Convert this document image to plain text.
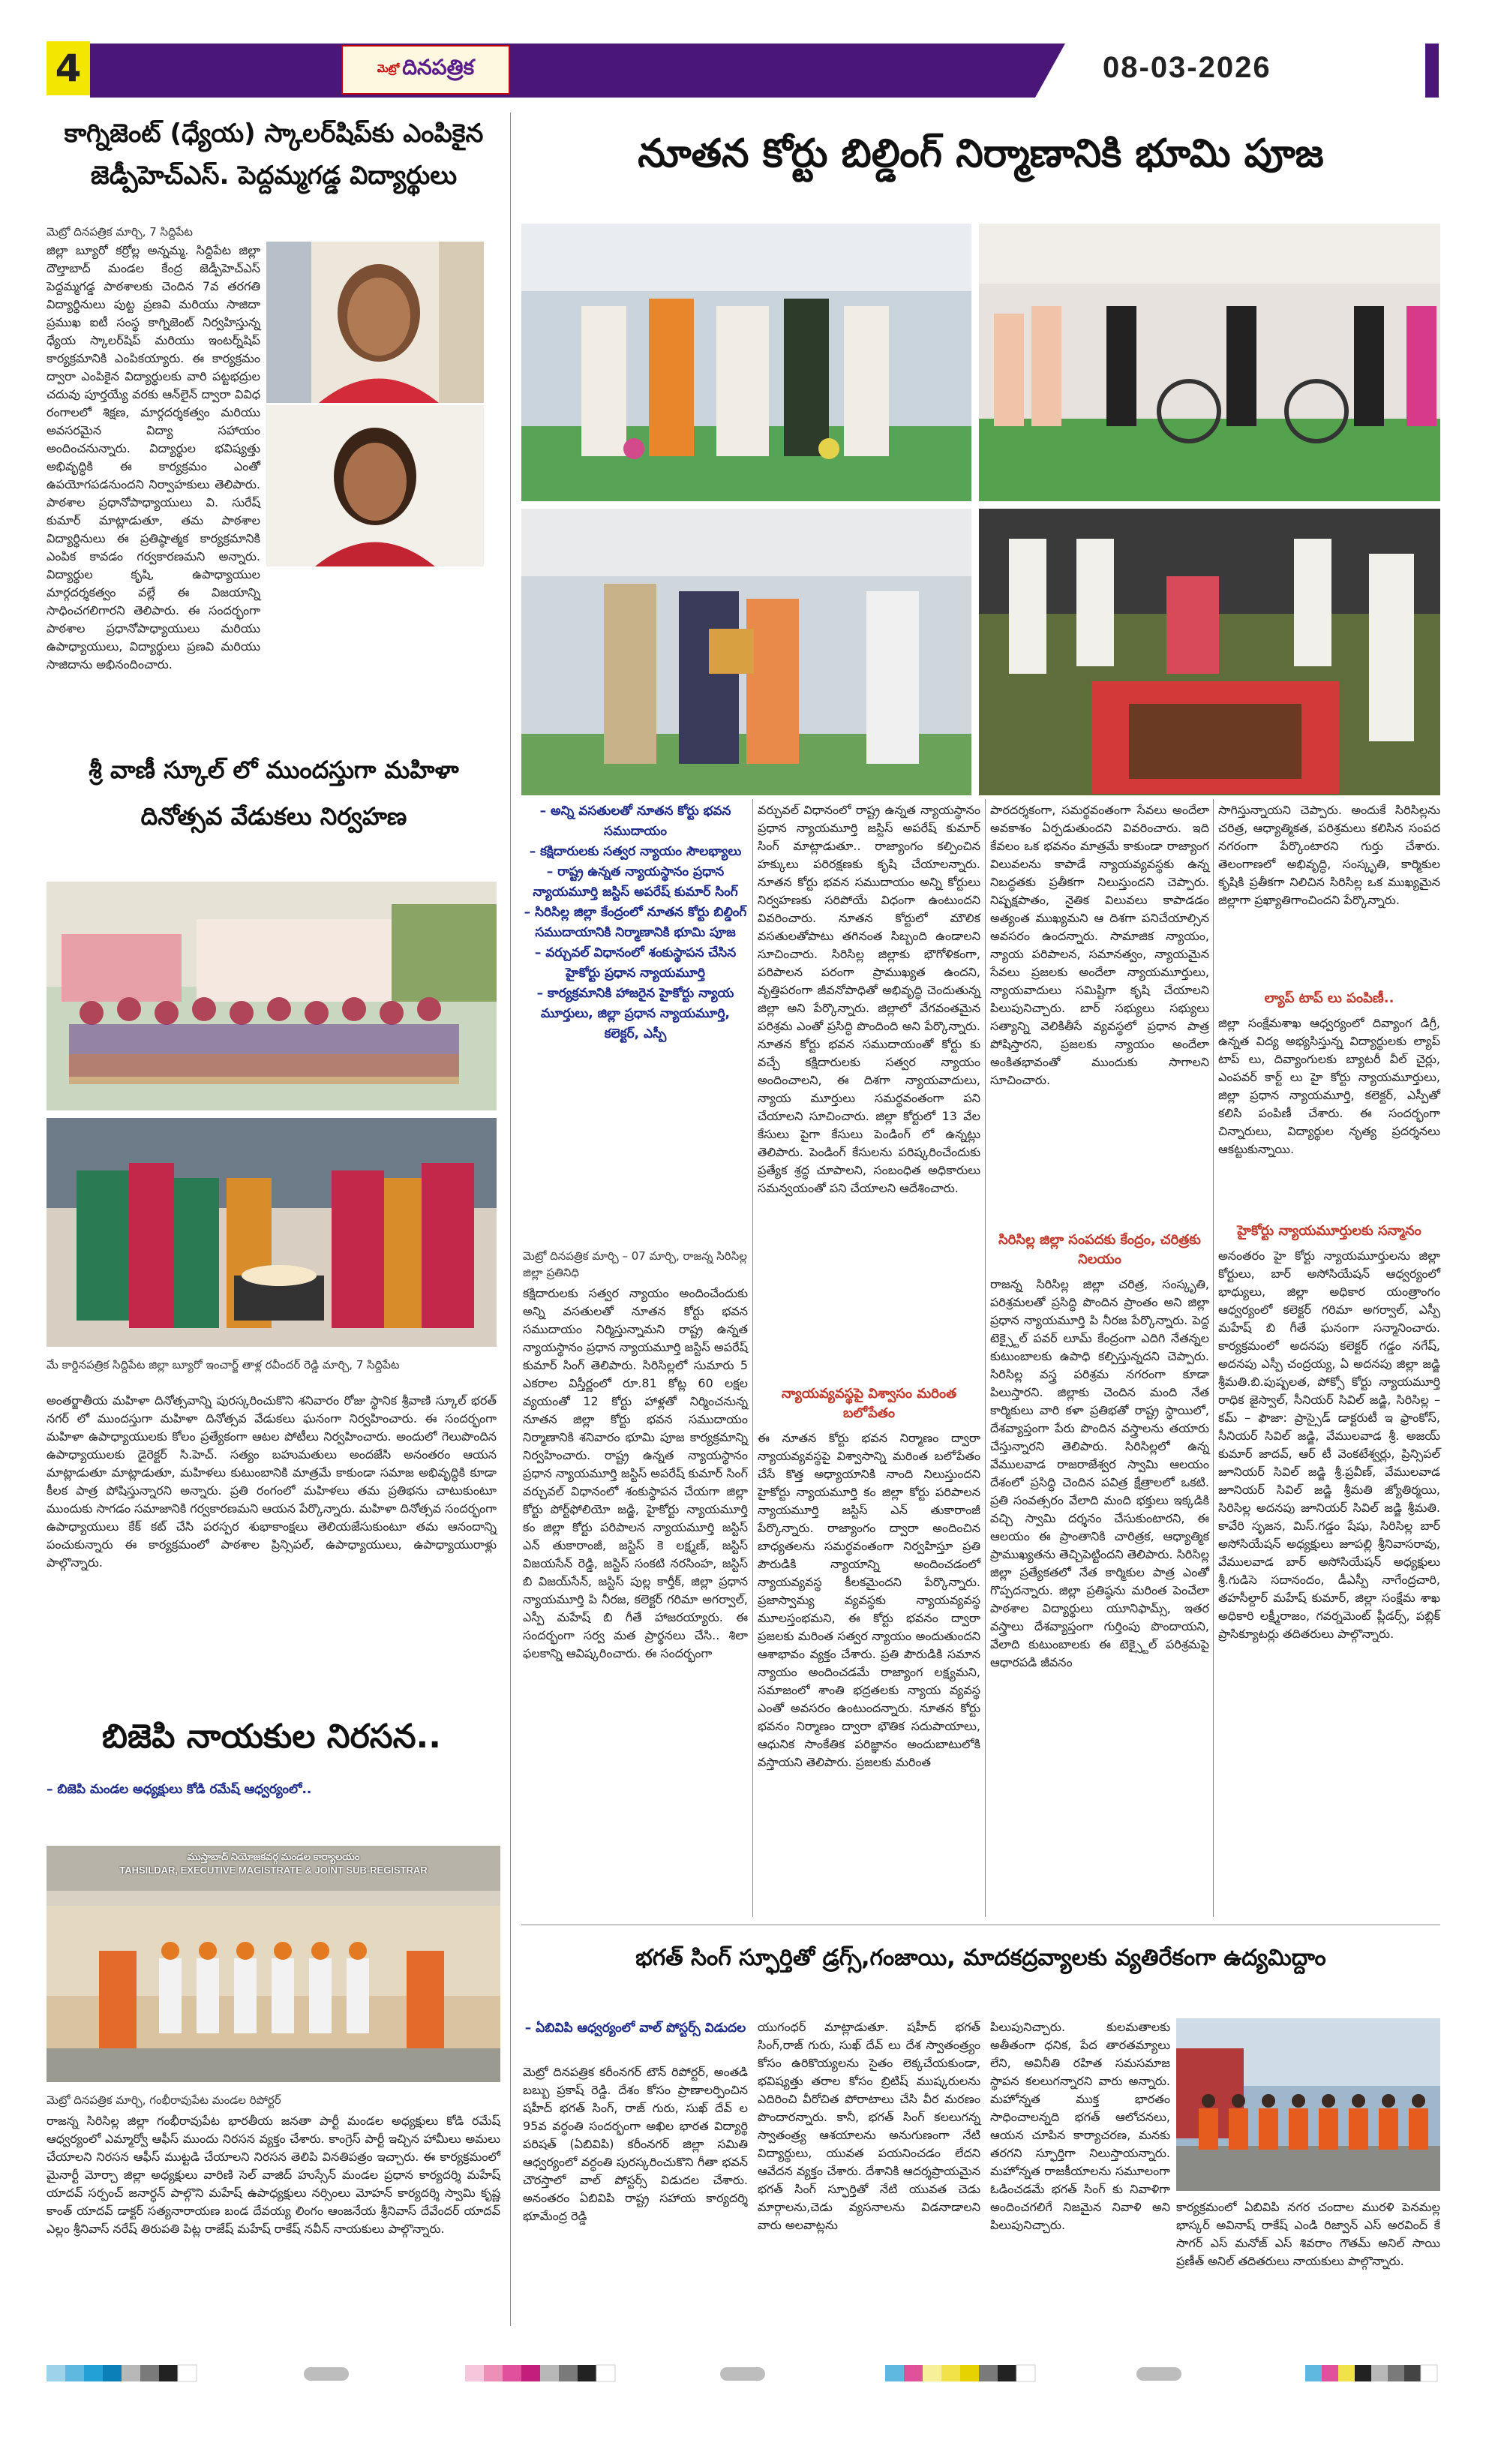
4	మెట్రో దినపత్రిక	08-03-2026
కాగ్నిజెంట్ (ధ్యేయ) స్కాలర్‌షిప్‌కు ఎంపికైన జెడ్పీహెచ్ఎస్. పెద్దమ్మగడ్డ విద్యార్థులు
మెట్రో దినపత్రిక మార్చి, 7 సిద్దిపేట
జిల్లా బ్యూరో కర్రోల్ల అన్నమ్మ. సిద్దిపేట జిల్లా దౌల్తాబాద్ మండల కేంద్ర జెడ్పీహెచ్ఎస్ పెద్దమ్మగడ్డ పాఠశాలకు చెందిన 7వ తరగతి విద్యార్థినులు పుట్ట ప్రణవి మరియు సాజిదా ప్రముఖ ఐటీ సంస్థ కాగ్నిజెంట్ నిర్వహిస్తున్న ధ్యేయ స్కాలర్‌షిప్ మరియు ఇంటర్న్‌షిప్ కార్యక్రమానికి ఎంపికయ్యారు. ఈ కార్యక్రమం ద్వారా ఎంపికైన విద్యార్థులకు వారి పట్టభద్రుల చదువు పూర్తయ్యే వరకు ఆన్‌లైన్ ద్వారా వివిధ రంగాలలో శిక్షణ, మార్గదర్శకత్వం మరియు అవసరమైన విద్యా సహాయం అందించనున్నారు. విద్యార్థుల భవిష్యత్తు అభివృద్ధికి ఈ కార్యక్రమం ఎంతో ఉపయోగపడనుందని నిర్వాహకులు తెలిపారు. పాఠశాల ప్రధానోపాధ్యాయులు వి. సురేష్ కుమార్ మాట్లాడుతూ, తమ పాఠశాల విద్యార్థినులు ఈ ప్రతిష్ఠాత్మక కార్యక్రమానికి ఎంపిక కావడం గర్వకారణమని అన్నారు. విద్యార్థుల కృషి, ఉపాధ్యాయుల మార్గదర్శకత్వం వల్లే ఈ విజయాన్ని సాధించగలిగారని తెలిపారు. ఈ సందర్భంగా పాఠశాల ప్రధానోపాధ్యాయులు మరియు ఉపాధ్యాయులు, విద్యార్థులు ప్రణవి మరియు సాజిదాను అభినందించారు.
శ్రీ వాణీ స్కూల్ లో ముందస్తుగా మహిళా దినోత్సవ వేడుకలు నిర్వహణ
మే కార్డినపత్రిక సిద్దిపేట జిల్లా బ్యూరో ఇంచార్జ్ తాళ్ల రవీందర్ రెడ్డి మార్చి, 7 సిద్దిపేట
అంతర్జాతీయ మహిళా దినోత్సవాన్ని పురస్కరించుకొని శనివారం రోజు స్థానిక శ్రీవాణి స్కూల్ భరత్ నగర్ లో ముందస్తుగా మహిళా దినోత్సవ వేడుకలు ఘనంగా నిర్వహించారు. ఈ సందర్భంగా మహిళా ఉపాధ్యాయులకు కోలం ప్రత్యేకంగా ఆటల పోటీలు నిర్వహించారు. అందులో గెలుపొందిన ఉపాధ్యాయులకు డైరెక్టర్ సి.హెచ్. సత్యం బహుమతులు అందజేసి అనంతరం ఆయన మాట్లాడుతూ మాట్లాడుతూ, మహిళలు కుటుంబానికి మాత్రమే కాకుండా సమాజ అభివృద్ధికి కూడా కీలక పాత్ర పోషిస్తున్నారని అన్నారు. ప్రతి రంగంలో మహిళలు తమ ప్రతిభను చాటుకుంటూ ముందుకు సాగడం సమాజానికి గర్వకారణమని ఆయన పేర్కొన్నారు. మహిళా దినోత్సవ సందర్భంగా ఉపాధ్యాయులు కేక్ కట్ చేసి పరస్పర శుభాకాంక్షలు తెలియజేసుకుంటూ తమ ఆనందాన్ని పంచుకున్నారు ఈ కార్యక్రమంలో పాఠశాల ప్రిన్సిపల్, ఉపాధ్యాయులు, ఉపాధ్యాయురాళ్లు పాల్గొన్నారు.
బిజెపి నాయకుల నిరసన..
– బిజెపి మండల అధ్యక్షులు కోడి రమేష్ ఆధ్వర్యంలో..
ముస్తాబాద్ నియోజకవర్గ మండల కార్యాలయం
TAHSILDAR, EXECUTIVE MAGISTRATE & JOINT SUB-REGISTRAR
మెట్రో దినపత్రిక మార్చి, గంభీరావుపేట మండల రిపోర్టర్
రాజన్న సిరిసిల్ల జిల్లా గంభీరావుపేట భారతీయ జనతా పార్టీ మండల అధ్యక్షులు కోడి రమేష్ ఆధ్వర్యంలో ఎమ్మార్వో ఆఫీస్ ముందు నిరసన వ్యక్తం చేశారు. కాంగ్రెస్ పార్టీ ఇచ్చిన హామీలు అమలు చేయాలని నిరసన ఆఫీస్ ముట్టడి చేయాలని నిరసన తెలిపి వినతిపత్రం ఇచ్చారు. ఈ కార్యక్రమంలో మైనార్టీ మోర్చా జిల్లా అధ్యక్షులు వారిణి సెల్ వాజిద్ హుస్సేన్ మండల ప్రధాన కార్యదర్శి మహేష్ యాదవ్ సర్పంచ్ జనార్ధన్ పాల్గొని మహేష్ ఉపాధ్యక్షులు నర్సింలు మోహన్ కార్యదర్శి స్వామి కృష్ణ కాంత్ యాదవ్ డాక్టర్ సత్యనారాయణ బండ దేవయ్య లింగం ఆంజనేయ శ్రీనివాస్ దేవేందర్ యాదవ్ ఎల్లం శ్రీనివాస్ నరేష్ తిరుపతి పిట్ల రాజేష్ మహేష్ రాకేష్ నవీన్ నాయకులు పాల్గొన్నారు.
నూతన కోర్టు బిల్డింగ్ నిర్మాణానికి భూమి పూజ
– అన్ని వసతులతో నూతన కోర్టు భవన సముదాయం
– కక్షిదారులకు సత్వర న్యాయం సౌలభ్యాలు
– రాష్ట్ర ఉన్నత న్యాయస్థానం ప్రధాన న్యాయమూర్తి జస్టిస్ అపరేష్ కుమార్ సింగ్
– సిరిసిల్ల జిల్లా కేంద్రంలో నూతన కోర్టు బిల్డింగ్ సముదాయానికి నిర్మాణానికి భూమి పూజ
– వర్చువల్ విధానంలో శంకుస్థాపన చేసిన హైకోర్టు ప్రధాన న్యాయమూర్తి
– కార్యక్రమానికి హాజరైన హైకోర్టు న్యాయ మూర్తులు, జిల్లా ప్రధాన న్యాయమూర్తి, కలెక్టర్, ఎస్పీ
మెట్రో దినపత్రిక మార్చి – 07 మార్చి, రాజన్న సిరిసిల్ల జిల్లా ప్రతినిధి
కక్షిదారులకు సత్వర న్యాయం అందించేందుకు అన్ని వసతులతో నూతన కోర్టు భవన సముదాయం నిర్మిస్తున్నామని రాష్ట్ర ఉన్నత న్యాయస్థానం ప్రధాన న్యాయమూర్తి జస్టిస్ అపరేష్ కుమార్ సింగ్ తెలిపారు. సిరిసిల్లలో సుమారు 5 ఎకరాల విస్తీర్ణంలో రూ.81 కోట్ల 60 లక్షల వ్యయంతో 12 కోర్టు హాళ్లతో నిర్మించనున్న నూతన జిల్లా కోర్టు భవన సముదాయం నిర్మాణానికి శనివారం భూమి పూజ కార్యక్రమాన్ని నిర్వహించారు. రాష్ట్ర ఉన్నత న్యాయస్థానం ప్రధాన న్యాయమూర్తి జస్టిస్ అపరేష్ కుమార్ సింగ్ వర్చువల్ విధానంలో శంకుస్థాపన చేయగా జిల్లా కోర్టు పోర్ట్‌ఫోలియో జడ్జి, హైకోర్టు న్యాయమూర్తి కం జిల్లా కోర్టు పరిపాలన న్యాయమూర్తి జస్టిస్ ఎన్ తుకారాంజీ, జస్టిస్ కె లక్ష్మణ్, జస్టిస్ విజయసేన్ రెడ్డి, జస్టిస్ సంకటి నరసింహ, జస్టిస్ బి విజయ్‌సేన్, జస్టిస్ పుల్ల కార్తీక్, జిల్లా ప్రధాన న్యాయమూర్తి పి నీరజ, కలెక్టర్ గరిమా అగర్వాల్, ఎస్పీ మహేష్ బి గీతే హాజరయ్యారు. ఈ సందర్భంగా సర్వ మత ప్రార్థనలు చేసి.. శిలా ఫలకాన్ని ఆవిష్కరించారు. ఈ సందర్భంగా
వర్చువల్ విధానంలో రాష్ట్ర ఉన్నత న్యాయస్థానం ప్రధాన న్యాయమూర్తి జస్టిస్ అపరేష్ కుమార్ సింగ్ మాట్లాడుతూ.. రాజ్యాంగం కల్పించిన హక్కులు పరిరక్షణకు కృషి చేయాలన్నారు. నూతన కోర్టు భవన సముదాయం అన్ని కోర్టులు నిర్వహణకు సరిపోయే విధంగా ఉంటుందని వివరించారు. నూతన కోర్టులో మౌలిక వసతులతోపాటు తగినంత సిబ్బంది ఉండాలని సూచించారు. సిరిసిల్ల జిల్లాకు భౌగోళికంగా, పరిపాలన పరంగా ప్రాముఖ్యత ఉందని, వృత్తిపరంగా జీవనోపాధితో అభివృద్ధి చెందుతున్న జిల్లా అని పేర్కొన్నారు. జిల్లాలో వేగవంతమైన పరిశ్రమ ఎంతో ప్రసిద్ధి పొందింది అని పేర్కొన్నారు. నూతన కోర్టు భవన సముదాయంతో కోర్టు కు వచ్చే కక్షిదారులకు సత్వర న్యాయం అందించాలని, ఈ దిశగా న్యాయవాదులు, న్యాయ మూర్తులు సమర్థవంతంగా పని చేయాలని సూచించారు. జిల్లా కోర్టులో 13 వేల కేసులు పైగా కేసులు పెండింగ్ లో ఉన్నట్లు తెలిపారు. పెండింగ్ కేసులను పరిష్కరించేందుకు ప్రత్యేక శ్రద్ధ చూపాలని, సంబంధిత అధికారులు సమన్వయంతో పని చేయాలని ఆదేశించారు.
న్యాయవ్యవస్థపై విశ్వాసం మరింత బలోపేతం
ఈ నూతన కోర్టు భవన నిర్మాణం ద్వారా న్యాయవ్యవస్థపై విశ్వాసాన్ని మరింత బలోపేతం చేసే కొత్త అధ్యాయానికి నాంది నిలుస్తుందని హైకోర్టు న్యాయమూర్తి కం జిల్లా కోర్టు పరిపాలన న్యాయమూర్తి జస్టిస్ ఎన్ తుకారాంజీ పేర్కొన్నారు. రాజ్యాంగం ద్వారా అందించిన బాధ్యతలను సమర్థవంతంగా నిర్వహిస్తూ ప్రతి పౌరుడికి న్యాయాన్ని అందించడంలో న్యాయవ్యవస్థ కీలకమైందని పేర్కొన్నారు. ప్రజాస్వామ్య వ్యవస్థకు న్యాయవ్యవస్థ మూలస్తంభమని, ఈ కోర్టు భవనం ద్వారా ప్రజలకు మరింత సత్వర న్యాయం అందుతుందని ఆశాభావం వ్యక్తం చేశారు. ప్రతి పౌరుడికి సమాన న్యాయం అందించడమే రాజ్యాంగ లక్ష్యమని, సమాజంలో శాంతి భద్రతలకు న్యాయ వ్యవస్థ ఎంతో అవసరం ఉంటుందన్నారు. నూతన కోర్టు భవనం నిర్మాణం ద్వారా భౌతిక సదుపాయాలు, ఆధునిక సాంకేతిక పరిజ్ఞానం అందుబాటులోకి వస్తాయని తెలిపారు. ప్రజలకు మరింత
పారదర్శకంగా, సమర్థవంతంగా సేవలు అందేలా అవకాశం ఏర్పడుతుందని వివరించారు. ఇది కేవలం ఒక భవనం మాత్రమే కాకుండా రాజ్యాంగ విలువలను కాపాడే న్యాయవ్యవస్థకు ఉన్న నిబద్ధతకు ప్రతీకగా నిలుస్తుందని చెప్పారు. నిష్పక్షపాతం, నైతిక విలువలు కాపాడడం అత్యంత ముఖ్యమని ఆ దిశగా పనిచేయాల్సిన అవసరం ఉందన్నారు. సామాజిక న్యాయం, న్యాయ పరిపాలన, సమానత్వం, న్యాయమైన సేవలు ప్రజలకు అందేలా న్యాయమూర్తులు, న్యాయవాదులు సమిష్టిగా కృషి చేయాలని పిలుపునిచ్చారు. బార్ సభ్యులు సభ్యులు సత్యాన్ని వెలికితీసే వ్యవస్థలో ప్రధాన పాత్ర పోషిస్తారని, ప్రజలకు న్యాయం అందేలా అంకితభావంతో ముందుకు సాగాలని సూచించారు.
సిరిసిల్ల జిల్లా సంపదకు కేంద్రం, చరిత్రకు నిలయం
రాజన్న సిరిసిల్ల జిల్లా చరిత్ర, సంస్కృతి, పరిశ్రమలతో ప్రసిద్ధి పొందిన ప్రాంతం అని జిల్లా ప్రధాన న్యాయమూర్తి పి నీరజ పేర్కొన్నారు. పెద్ద టెక్స్టైల్ పవర్ లూమ్ కేంద్రంగా ఎదిగి నేతన్నల కుటుంబాలకు ఉపాధి కల్పిస్తున్నదని చెప్పారు. సిరిసిల్ల వస్త్ర పరిశ్రమ నగరంగా కూడా పిలుస్తారని. జిల్లాకు చెందిన మంది నేత కార్మికులు వారి కళా ప్రతిభతో రాష్ట్ర స్థాయిలో, దేశవ్యాప్తంగా పేరు పొందిన వస్త్రాలను తయారు చేస్తున్నారని తెలిపారు. సిరిసిల్లలో ఉన్న వేములవాడ రాజరాజేశ్వర స్వామి ఆలయం దేశంలో ప్రసిద్ధి చెందిన పవిత్ర క్షేత్రాలలో ఒకటి. ప్రతి సంవత్సరం వేలాది మంది భక్తులు ఇక్కడికి వచ్చి స్వామి దర్శనం చేసుకుంటారని, ఈ ఆలయం ఈ ప్రాంతానికి చారిత్రక, ఆధ్యాత్మిక ప్రాముఖ్యతను తెచ్చిపెట్టిందని తెలిపారు. సిరిసిల్ల జిల్లా ప్రత్యేకతలో నేత కార్మికుల పాత్ర ఎంతో గొప్పదన్నారు. జిల్లా ప్రతిష్ఠను మరింత పెంచేలా పాఠశాల విద్యార్థులు యూనిఫామ్స్, ఇతర వస్త్రాలు దేశవ్యాప్తంగా గుర్తింపు పొందాయని, వేలాది కుటుంబాలకు ఈ టెక్స్టైల్ పరిశ్రమపై ఆధారపడి జీవనం
సాగిస్తున్నాయని చెప్పారు. అందుకే సిరిసిల్లను చరిత్ర, ఆధ్యాత్మికత, పరిశ్రమలు కలిసిన సంపద నగరంగా పేర్కొంటారని గుర్తు చేశారు. తెలంగాణలో అభివృద్ధి, సంస్కృతి, కార్మికుల కృషికి ప్రతీకగా నిలిచిన సిరిసిల్ల ఒక ముఖ్యమైన జిల్లాగా ప్రఖ్యాతిగాంచిందని పేర్కొన్నారు.
ల్యాప్ టాప్ లు పంపిణీ..
జిల్లా సంక్షేమశాఖ ఆధ్వర్యంలో దివ్యాంగ డిగ్రీ, ఉన్నత విద్య అభ్యసిస్తున్న విద్యార్థులకు ల్యాప్ టాప్ లు, దివ్యాంగులకు బ్యాటరీ వీల్ చైర్లు, ఎంపవర్ కార్ట్ లు హై కోర్టు న్యాయమూర్తులు, జిల్లా ప్రధాన న్యాయమూర్తి, కలెక్టర్, ఎస్పీతో కలిసి పంపిణీ చేశారు. ఈ సందర్భంగా చిన్నారులు, విద్యార్థుల నృత్య ప్రదర్శనలు ఆకట్టుకున్నాయి.
హైకోర్టు న్యాయమూర్తులకు సన్మానం
అనంతరం హై కోర్టు న్యాయమూర్తులను జిల్లా కోర్టులు, బార్ అసోసియేషన్ ఆధ్వర్యంలో భాధ్యులు, జిల్లా అధికార యంత్రాంగం ఆధ్వర్యంలో కలెక్టర్ గరిమా అగర్వాల్, ఎస్పీ మహేష్ బి గీతే ఘనంగా సన్మానించారు. కార్యక్రమంలో అదనపు కలెక్టర్ గడ్డం నగేష్, అదనపు ఎస్పీ చంద్రయ్య, ఏ అదనపు జిల్లా జడ్జి శ్రీమతి.బి.పుష్పలత, పోక్సో కోర్టు న్యాయమూర్తి రాధిక జైస్వాల్, సీనియర్ సివిల్ జడ్జి, సిరిసిల్ల – కమ్ – ఫౌజా: ప్రాస్సైడ్ డాక్టరుటీ ఇ ఫ్రాంకోస్, సీనియర్ సివిల్ జడ్జి, వేములవాడ శ్రీ. అజయ్ కుమార్ జాదవ్, ఆర్ టీ వెంకటేశ్వర్లు, ప్రిన్సిపల్ జూనియర్ సివిల్ జడ్జి శ్రీ.ప్రవీణ్, వేములవాడ జూనియర్ సివిల్ జడ్జి శ్రీమతి జ్యోతిర్మయి, సిరిసిల్ల అదనపు జూనియర్ సివిల్ జడ్జి శ్రీమతి. కావేరి సృజన, మిస్.గడ్డం షేషు, సిరిసిల్ల బార్ అసోసియేషన్ అధ్యక్షులు జూపల్లి శ్రీనివాసరావు, వేములవాడ బార్ అసోసియేషన్ అధ్యక్షులు శ్రీ.గుడిసె సదానందం, డీఎస్పీ నాగేంద్రచారి, తహసీల్దార్ మహేష్ కుమార్, జిల్లా సంక్షేమ శాఖ అధికారి లక్ష్మీరాజం, గవర్నమెంట్ ప్లీడర్స్, పబ్లిక్ ప్రాసిక్యూటర్లు తదితరులు పాల్గొన్నారు.
భగత్ సింగ్ స్ఫూర్తితో డ్రగ్స్,గంజాయి, మాదకద్రవ్యాలకు వ్యతిరేకంగా ఉద్యమిద్దాం
– ఏబివిపి ఆధ్వర్యంలో వాల్ పోస్టర్స్ విడుదల
మెట్రో దినపత్రిక కరీంనగర్ టౌన్ రిపోర్టర్, అంతడి బబ్బు ప్రకాష్ రెడ్డి. దేశం కోసం ప్రాణాలర్పించిన షహీద్ భగత్ సింగ్, రాజ్ గురు, సుఖ్ దేవ్ ల 95వ వర్ధంతి సందర్భంగా అఖిల భారత విద్యార్థి పరిషత్ (ఏబివిపి) కరీంనగర్ జిల్లా సమితి ఆధ్వర్యంలో వర్ధంతి పురస్కరించుకొని గీతా భవన్ చౌరస్తాలో వాల్ పోస్టర్స్ విడుదల చేశారు. అనంతరం ఏబివిపి రాష్ట్ర సహాయ కార్యదర్శి భూమేంద్ర రెడ్డి
యుగంధర్ మాట్లాడుతూ. షహీద్ భగత్ సింగ్,రాజ్ గురు, సుఖ్ దేవ్ లు దేశ స్వాతంత్ర్యం కోసం ఉరికొయ్యలను సైతం లెక్కచేయకుండా, భవిష్యత్తు తరాల కోసం బ్రిటిష్ ముష్కరులను ఎదిరించి వీరోచిత పోరాటాలు చేసి వీర మరణం పొందారన్నారు. కానీ, భగత్ సింగ్ కలలుగన్న స్వాతంత్ర్య ఆశయాలను అనుగుణంగా నేటి విద్యార్థులు, యువత పయనించడం లేదని ఆవేదన వ్యక్తం చేశారు. దేశానికి ఆదర్శప్రాయమైన భగత్ సింగ్ స్ఫూర్తితో నేటి యువత చెడు మార్గాలను,చెడు వ్యసనాలను విడనాడాలని వారు అలవాట్లను
పిలుపునిచ్చారు. కులమతాలకు అతీతంగా ధనిక, పేద తారతమ్యాలు లేని, అవినీతి రహిత సమసమాజ స్థాపన కలలుగన్నారని వారు అన్నారు. మహోన్నత ముక్త భారతం సాధించాలన్నది భగత్ ఆలోచనలు, ఆయన చూపిన కార్యాచరణ, మనకు తరగని స్ఫూర్తిగా నిలుస్తాయన్నారు. మహోన్నత రాజకీయాలను సమూలంగా ఓడించడమే భగత్ సింగ్ కు నివాళిగా అందించగలిగే నిజమైన నివాళి అని పిలుపునిచ్చారు.
కార్యక్రమంలో ఏబివిపి నగర చందాల మురళి పెనమల్ల భాస్కర్ అవినాష్ రాకేష్ ఎండి రిజ్వాన్ ఎస్ అరవింద్ కే సాగర్ ఎస్ మనోజ్ ఎస్ శివరాం గౌతమ్ అనిల్ సాయి ప్రణీత్ అనిల్ తదితరులు నాయకులు పాల్గొన్నారు.
